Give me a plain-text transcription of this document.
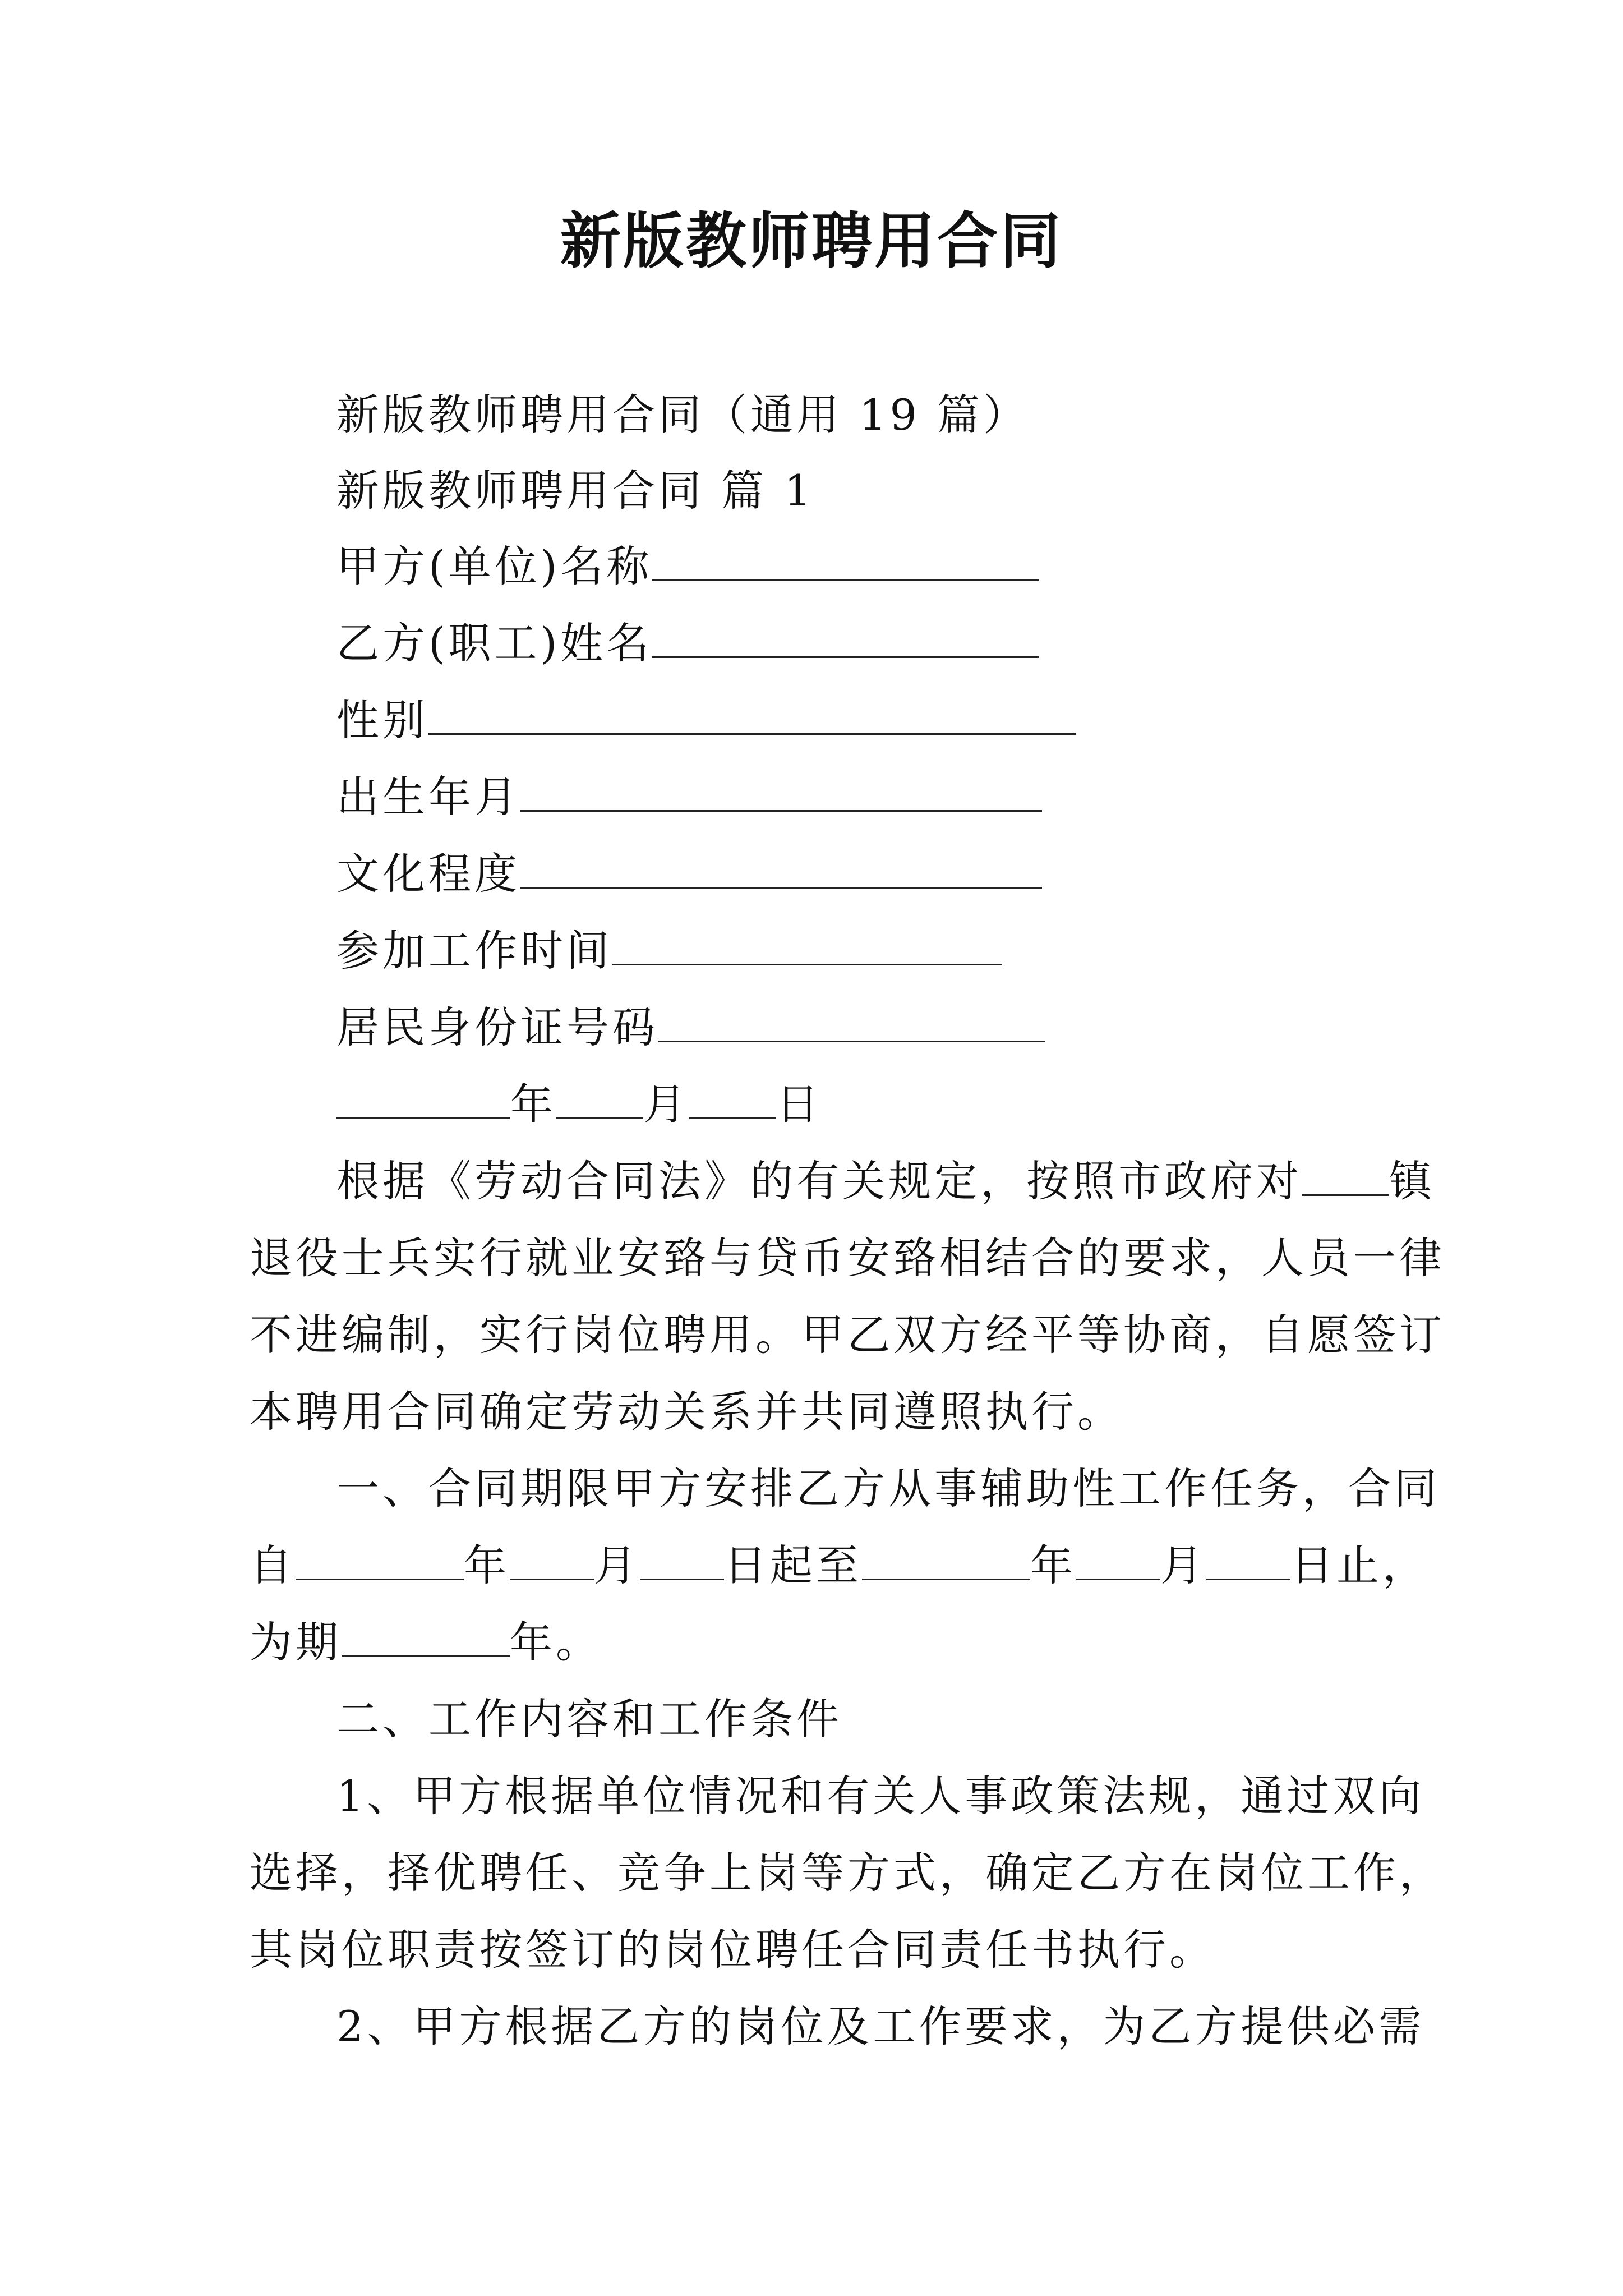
新版教师聘用合同
新版教师聘用合同（通用 19 篇）
新版教师聘用合同 篇 1
甲方(单位)名称
乙方(职工)姓名
性别
出生年月
文化程度
参加工作时间
居民身份证号码
年 月 日
根据《劳动合同法》的有关规定，按照市政府对 镇
退役士兵实行就业安臵与贷币安臵相结合的要求，人员一律
不进编制，实行岗位聘用。甲乙双方经平等协商，自愿签订
本聘用合同确定劳动关系并共同遵照执行。
一、合同期限甲方安排乙方从事辅助性工作任务，合同
自	年 月 日起至	年 月 日止，
为期	年。
二、工作内容和工作条件
1、甲方根据单位情况和有关人事政策法规，通过双向
选择，择优聘任、竞争上岗等方式，确定乙方在岗位工作，
其岗位职责按签订的岗位聘任合同责任书执行。
2、甲方根据乙方的岗位及工作要求，为乙方提供必需
